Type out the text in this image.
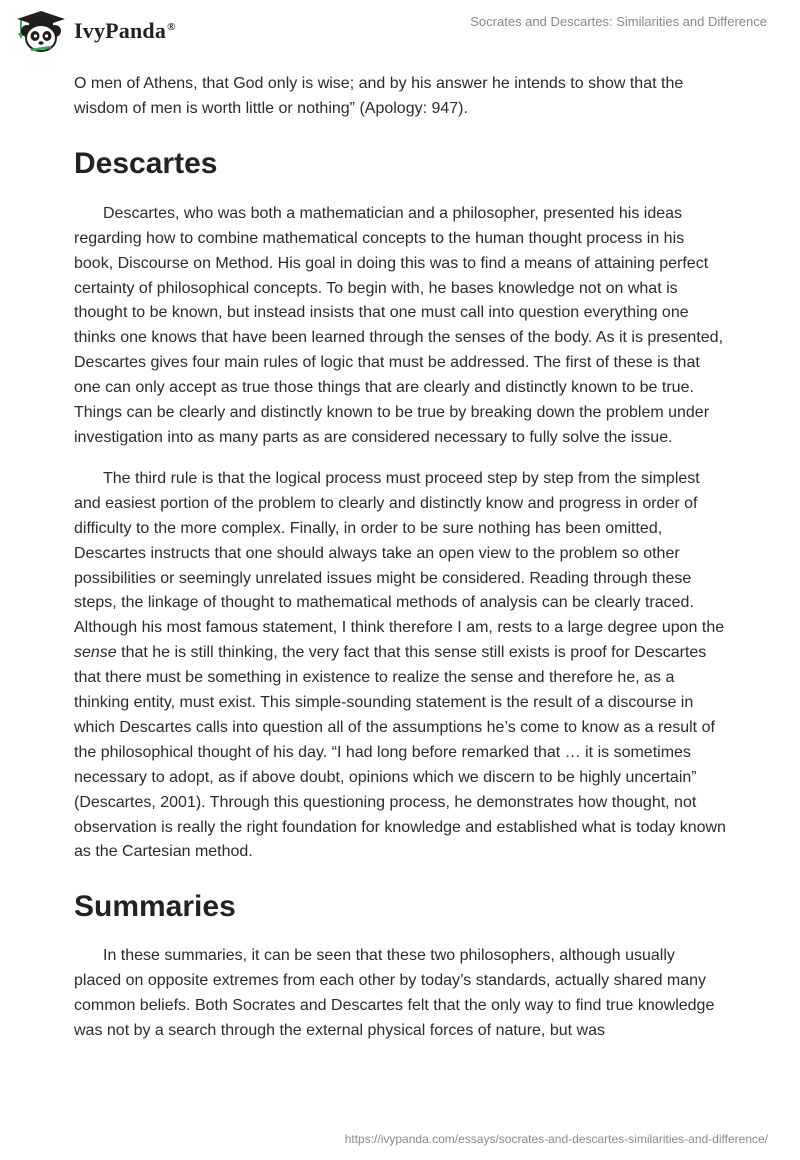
IvyPanda®	Socrates and Descartes: Similarities and Difference

O men of Athens, that God only is wise; and by his answer he intends to show that the wisdom of men is worth little or nothing” (Apology: 947).

Descartes

Descartes, who was both a mathematician and a philosopher, presented his ideas regarding how to combine mathematical concepts to the human thought process in his book, Discourse on Method. His goal in doing this was to find a means of attaining perfect certainty of philosophical concepts. To begin with, he bases knowledge not on what is thought to be known, but instead insists that one must call into question everything one thinks one knows that have been learned through the senses of the body. As it is presented, Descartes gives four main rules of logic that must be addressed. The first of these is that one can only accept as true those things that are clearly and distinctly known to be true. Things can be clearly and distinctly known to be true by breaking down the problem under investigation into as many parts as are considered necessary to fully solve the issue.

The third rule is that the logical process must proceed step by step from the simplest and easiest portion of the problem to clearly and distinctly know and progress in order of difficulty to the more complex. Finally, in order to be sure nothing has been omitted, Descartes instructs that one should always take an open view to the problem so other possibilities or seemingly unrelated issues might be considered. Reading through these steps, the linkage of thought to mathematical methods of analysis can be clearly traced. Although his most famous statement, I think therefore I am, rests to a large degree upon the sense that he is still thinking, the very fact that this sense still exists is proof for Descartes that there must be something in existence to realize the sense and therefore he, as a thinking entity, must exist. This simple-sounding statement is the result of a discourse in which Descartes calls into question all of the assumptions he’s come to know as a result of the philosophical thought of his day. “I had long before remarked that … it is sometimes necessary to adopt, as if above doubt, opinions which we discern to be highly uncertain” (Descartes, 2001). Through this questioning process, he demonstrates how thought, not observation is really the right foundation for knowledge and established what is today known as the Cartesian method.

Summaries

In these summaries, it can be seen that these two philosophers, although usually placed on opposite extremes from each other by today’s standards, actually shared many common beliefs. Both Socrates and Descartes felt that the only way to find true knowledge was not by a search through the external physical forces of nature, but was

https://ivypanda.com/essays/socrates-and-descartes-similarities-and-difference/
